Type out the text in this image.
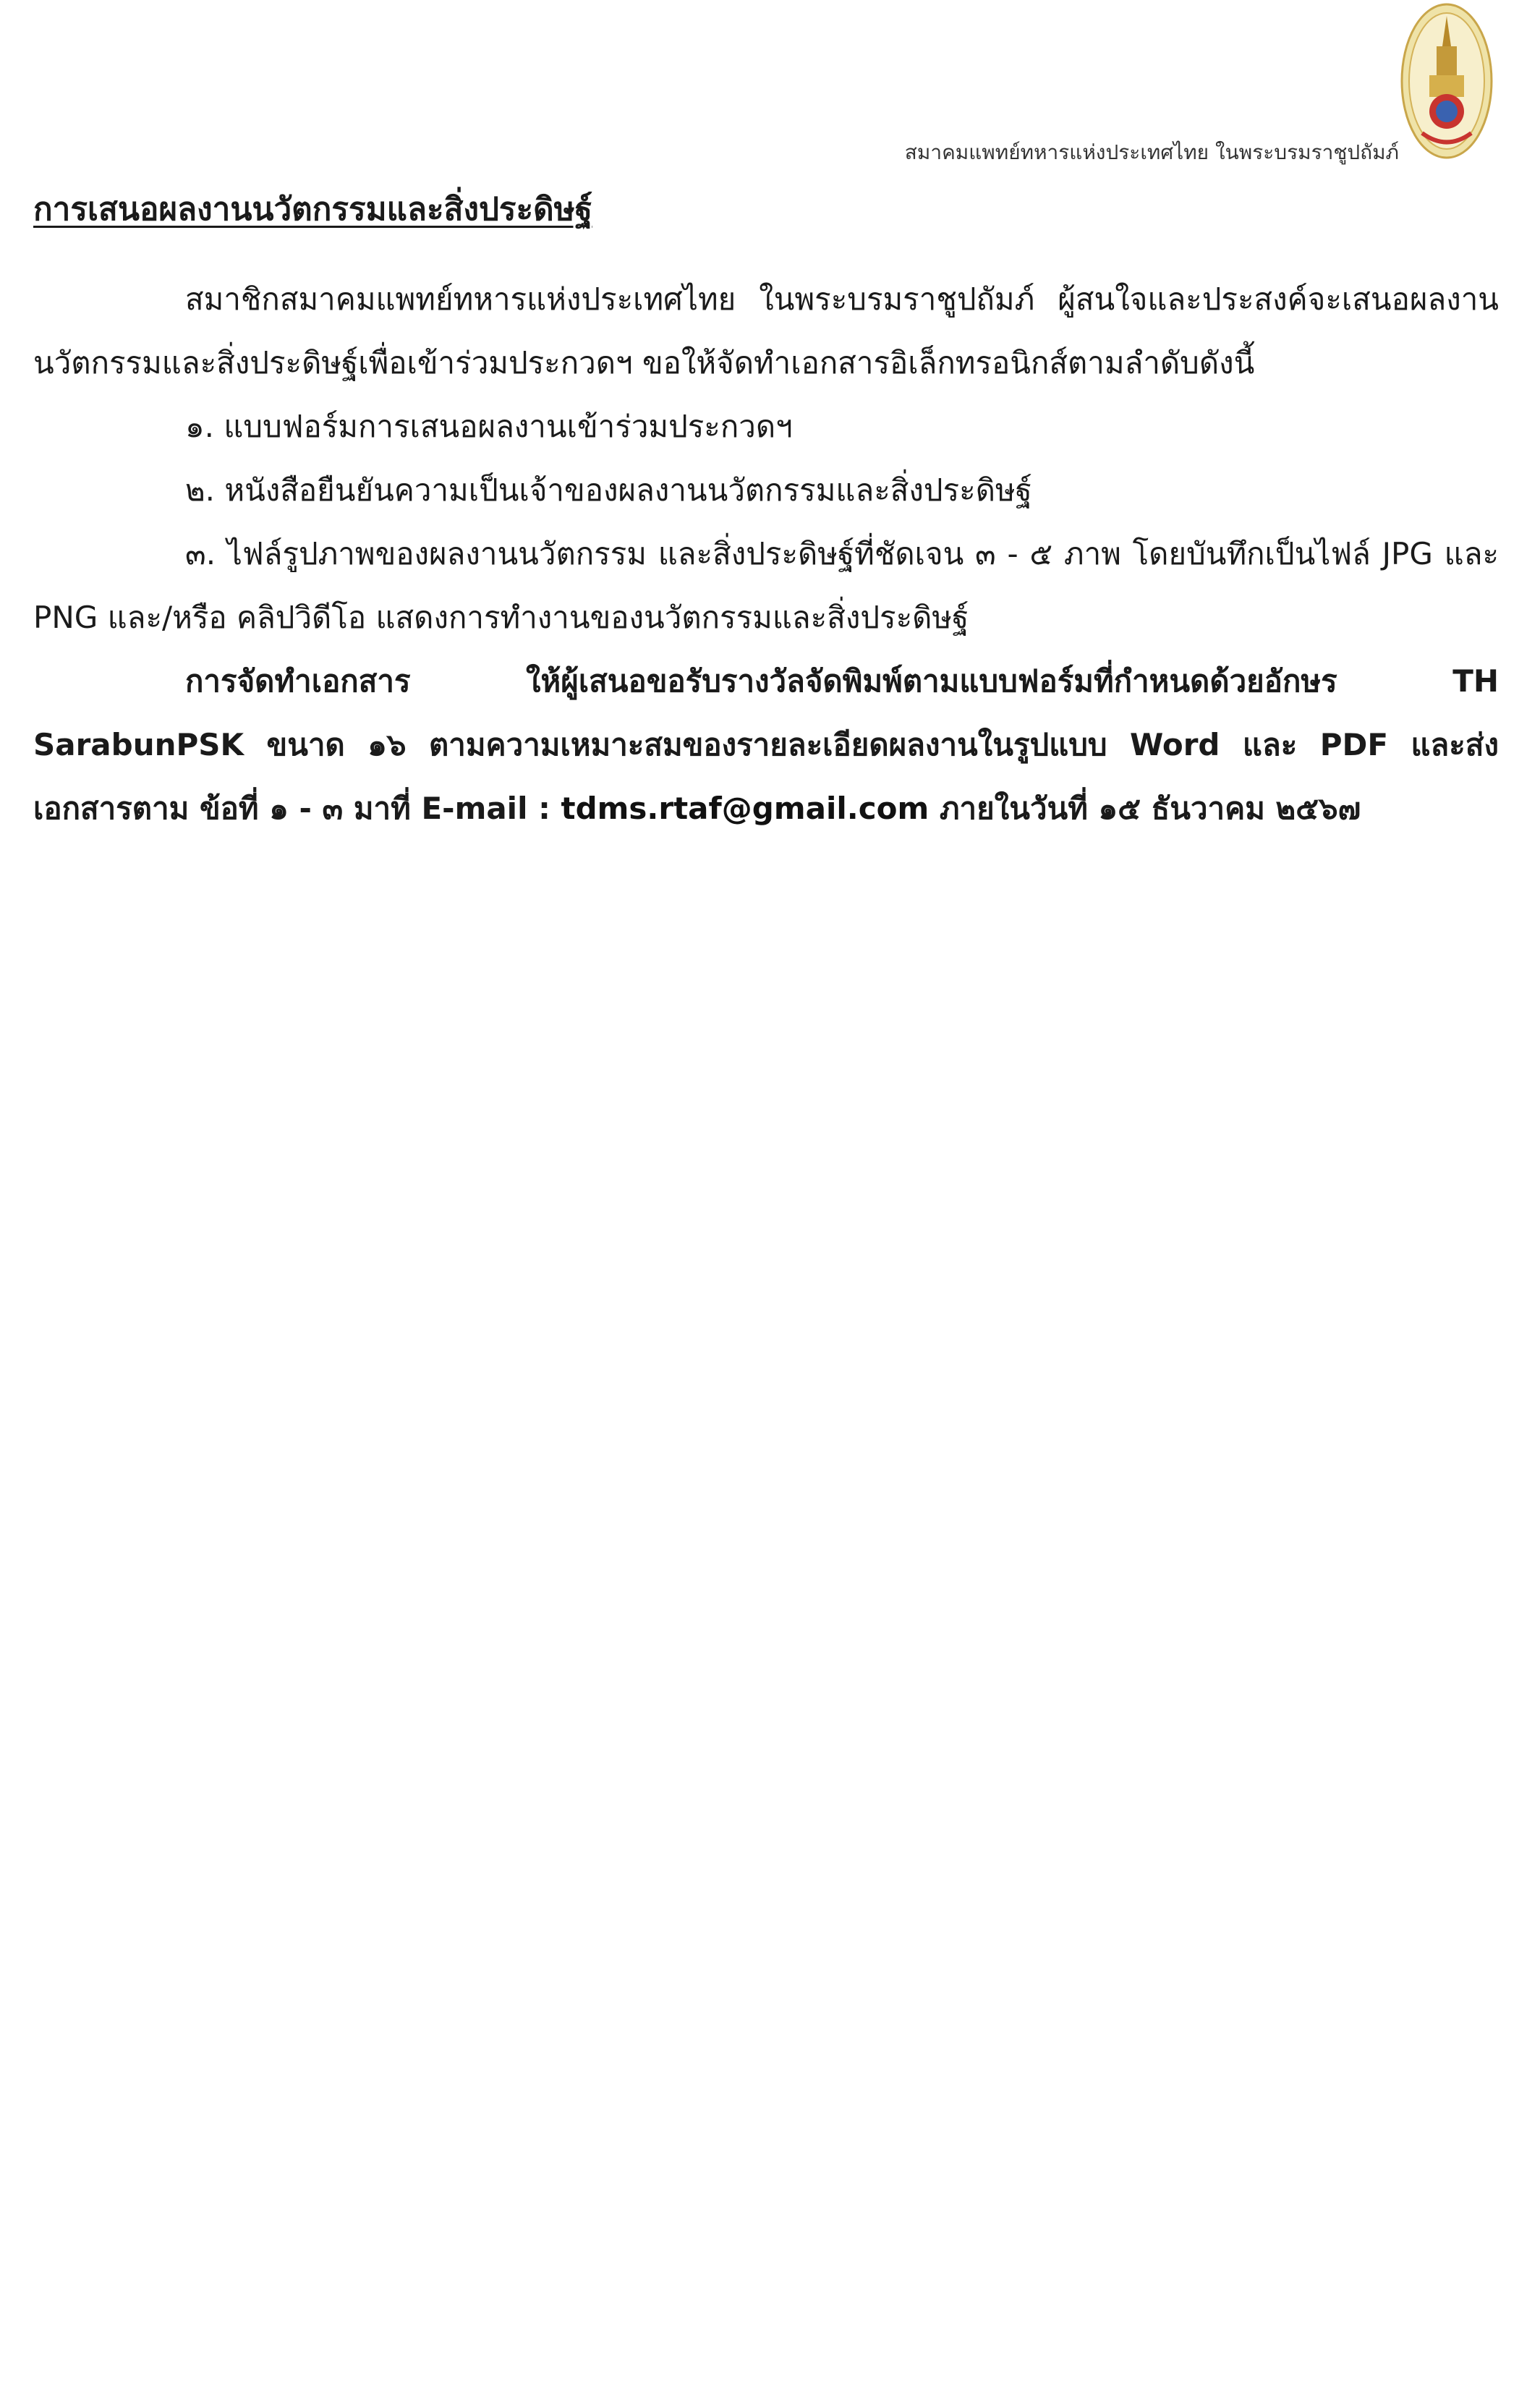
สมาคมแพทย์ทหารแห่งประเทศไทย ในพระบรมราชูปถัมภ์
การเสนอผลงานนวัตกรรมและสิ่งประดิษฐ์

สมาชิกสมาคมแพทย์ทหารแห่งประเทศไทย ในพระบรมราชูปถัมภ์ ผู้สนใจและประสงค์จะเสนอผลงานนวัตกรรมและสิ่งประดิษฐ์เพื่อเข้าร่วมประกวดฯ ขอให้จัดทำเอกสารอิเล็กทรอนิกส์ตามลำดับดังนี้

๑. แบบฟอร์มการเสนอผลงานเข้าร่วมประกวดฯ

๒. หนังสือยืนยันความเป็นเจ้าของผลงานนวัตกรรมและสิ่งประดิษฐ์

๓. ไฟล์รูปภาพของผลงานนวัตกรรม และสิ่งประดิษฐ์ที่ชัดเจน ๓ - ๕ ภาพ โดยบันทึกเป็นไฟล์ JPG และ PNG และ/หรือ คลิปวิดีโอ แสดงการทำงานของนวัตกรรมและสิ่งประดิษฐ์

การจัดทำเอกสาร ให้ผู้เสนอขอรับรางวัลจัดพิมพ์ตามแบบฟอร์มที่กำหนดด้วยอักษร TH SarabunPSK ขนาด ๑๖ ตามความเหมาะสมของรายละเอียดผลงานในรูปแบบ Word และ PDF และส่งเอกสารตาม ข้อที่ ๑ - ๓ มาที่ E-mail : tdms.rtaf@gmail.com ภายในวันที่ ๑๕ ธันวาคม ๒๕๖๗
